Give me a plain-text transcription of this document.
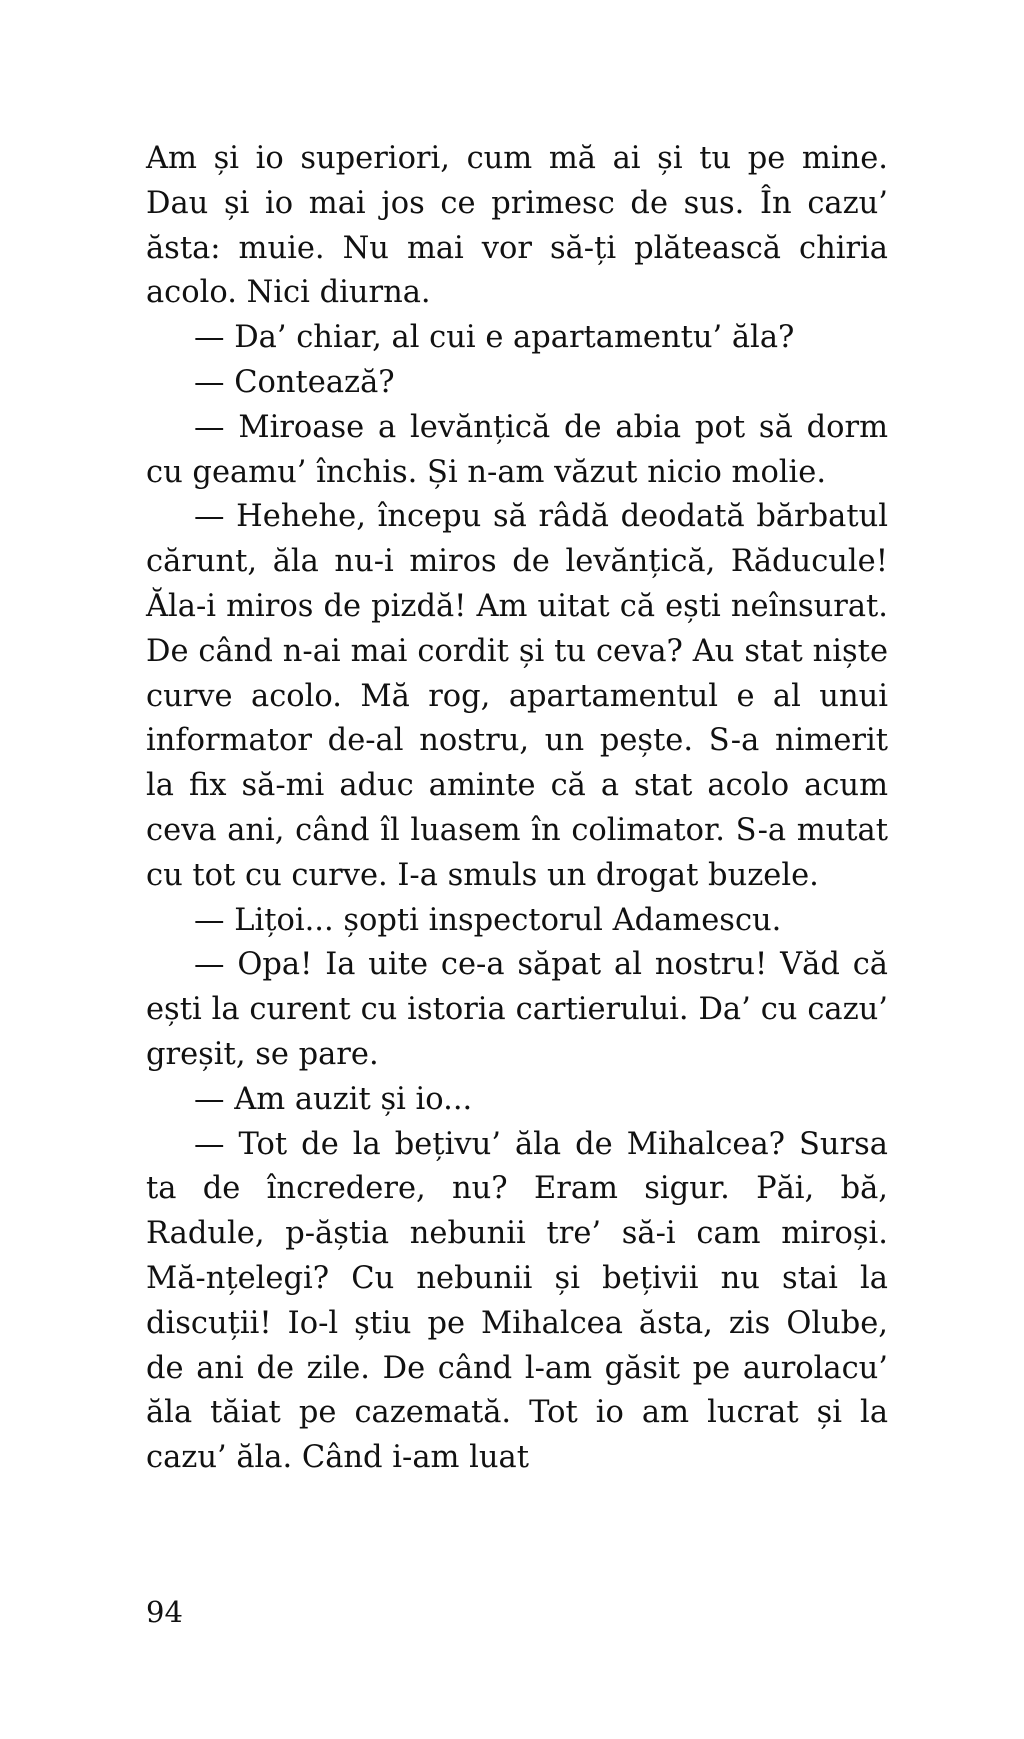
Am și io superiori, cum mă ai și tu pe mine. Dau și io mai jos ce primesc de sus. În cazu’ ăsta: muie. Nu mai vor să-ți plătească chiria acolo. Nici diurna.

— Da’ chiar, al cui e apartamentu’ ăla?

— Contează?

— Miroase a levănțică de abia pot să dorm cu geamu’ închis. Și n-am văzut nicio molie.

— Hehehe, începu să râdă deodată bărbatul cărunt, ăla nu-i miros de levănțică, Răducule! Ăla-i miros de pizdă! Am uitat că ești neînsurat. De când n-ai mai cordit și tu ceva? Au stat niște curve acolo. Mă rog, apartamentul e al unui informator de-al nostru, un pește. S-a nimerit la fix să-mi aduc aminte că a stat acolo acum ceva ani, când îl luasem în colimator. S-a mutat cu tot cu curve. I-a smuls un drogat buzele.

— Lițoi... șopti inspectorul Adamescu.

— Opa! Ia uite ce-a săpat al nostru! Văd că ești la curent cu istoria cartierului. Da’ cu cazu’ greșit, se pare.

— Am auzit și io...

— Tot de la bețivu’ ăla de Mihalcea? Sursa ta de încredere, nu? Eram sigur. Păi, bă, Radule, p-ăștia nebunii tre’ să-i cam miroși. Mă-nțelegi? Cu nebunii și bețivii nu stai la discuții! Io-l știu pe Mihalcea ăsta, zis Olube, de ani de zile. De când l-am găsit pe aurolacu’ ăla tăiat pe cazemată. Tot io am lucrat și la cazu’ ăla. Când i-am luat

94
